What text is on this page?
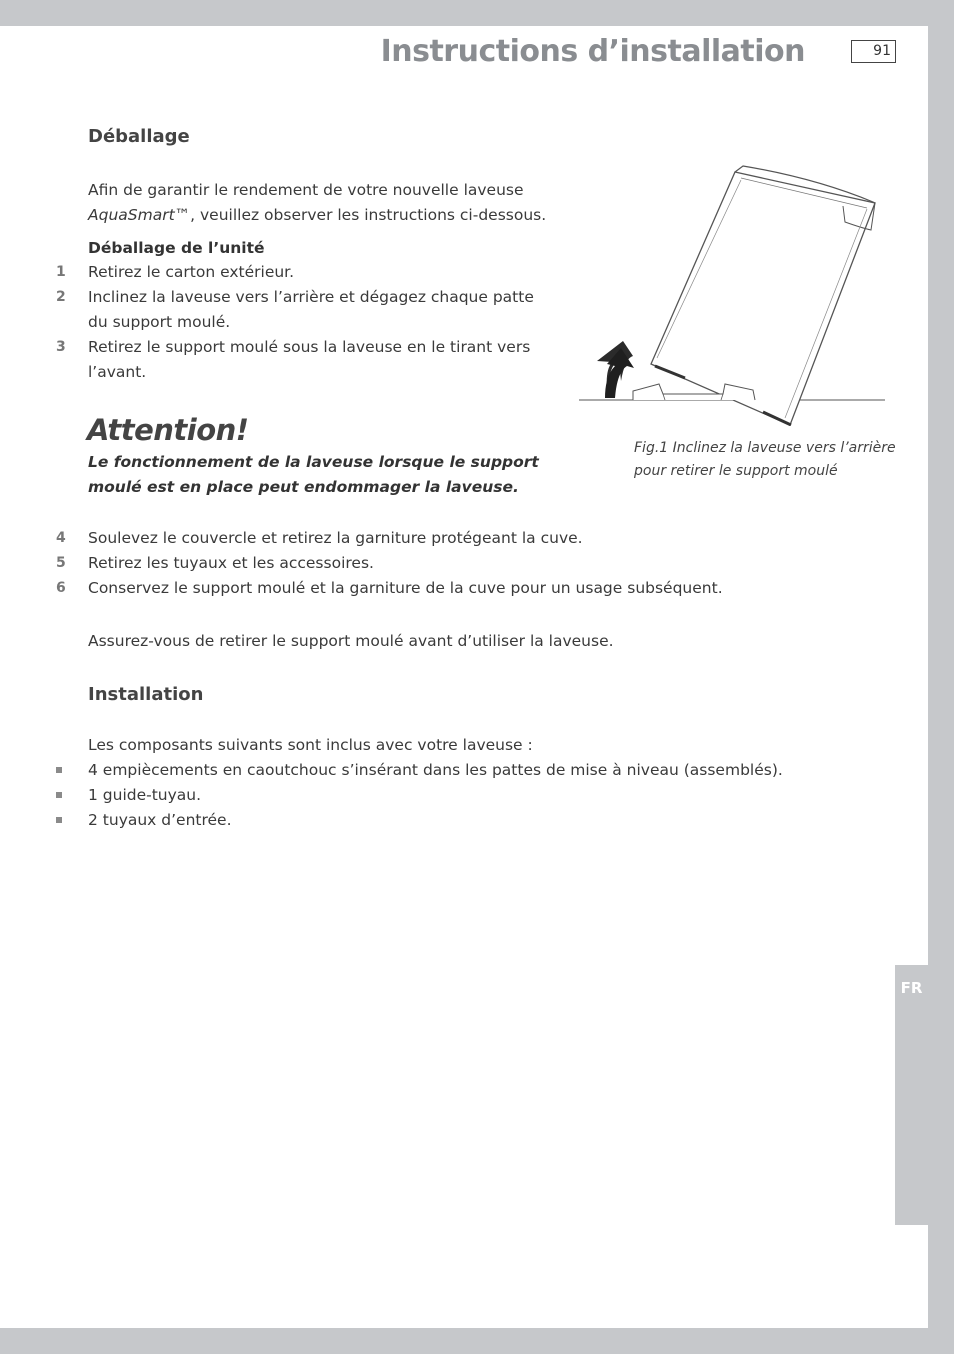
Instructions d’installation	91
Déballage
Afin de garantir le rendement de votre nouvelle laveuse
AquaSmart™, veuillez observer les instructions ci-dessous.
Déballage de l’unité
1 Retirez le carton extérieur.
2 Inclinez la laveuse vers l’arrière et dégagez chaque patte du support moulé.
3 Retirez le support moulé sous la laveuse en le tirant vers l’avant.
Attention!
Le fonctionnement de la laveuse lorsque le support moulé est en place peut endommager la laveuse.
Fig.1 Inclinez la laveuse vers l’arrière pour retirer le support moulé
4 Soulevez le couvercle et retirez la garniture protégeant la cuve.
5 Retirez les tuyaux et les accessoires.
6 Conservez le support moulé et la garniture de la cuve pour un usage subséquent.
Assurez-vous de retirer le support moulé avant d’utiliser la laveuse.
Installation
Les composants suivants sont inclus avec votre laveuse :
4 empiècements en caoutchouc s’insérant dans les pattes de mise à niveau (assemblés).
1 guide-tuyau.
2 tuyaux d’entrée.
FR
